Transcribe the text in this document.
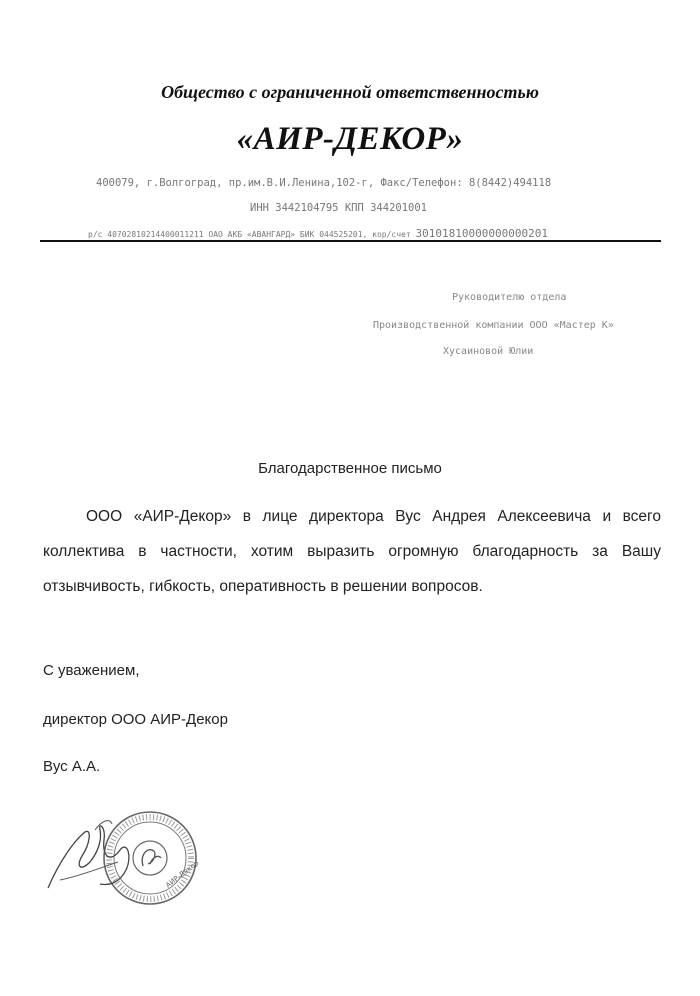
Общество с ограниченной ответственностью
«АИР-ДЕКОР»
400079, г.Волгоград, пр.им.В.И.Ленина,102-г, Факс/Телефон: 8(8442)494118
ИНН 3442104795 КПП 344201001
р/с 40702810214400011211 ОАО АКБ «АВАНГАРД» БИК 044525201, кор/счет 30101810000000000201
Руководителю отдела
Производственной компании ООО «Мастер К»
Хусаиновой Юлии
Благодарственное письмо
ООО «АИР-Декор» в лице директора Вус Андрея Алексеевича и всего коллектива в частности, хотим выразить огромную благодарность за Вашу отзывчивость, гибкость, оперативность в решении вопросов.
С уважением,
директор ООО АИР-Декор
Вус А.А.
АИР-Декор
